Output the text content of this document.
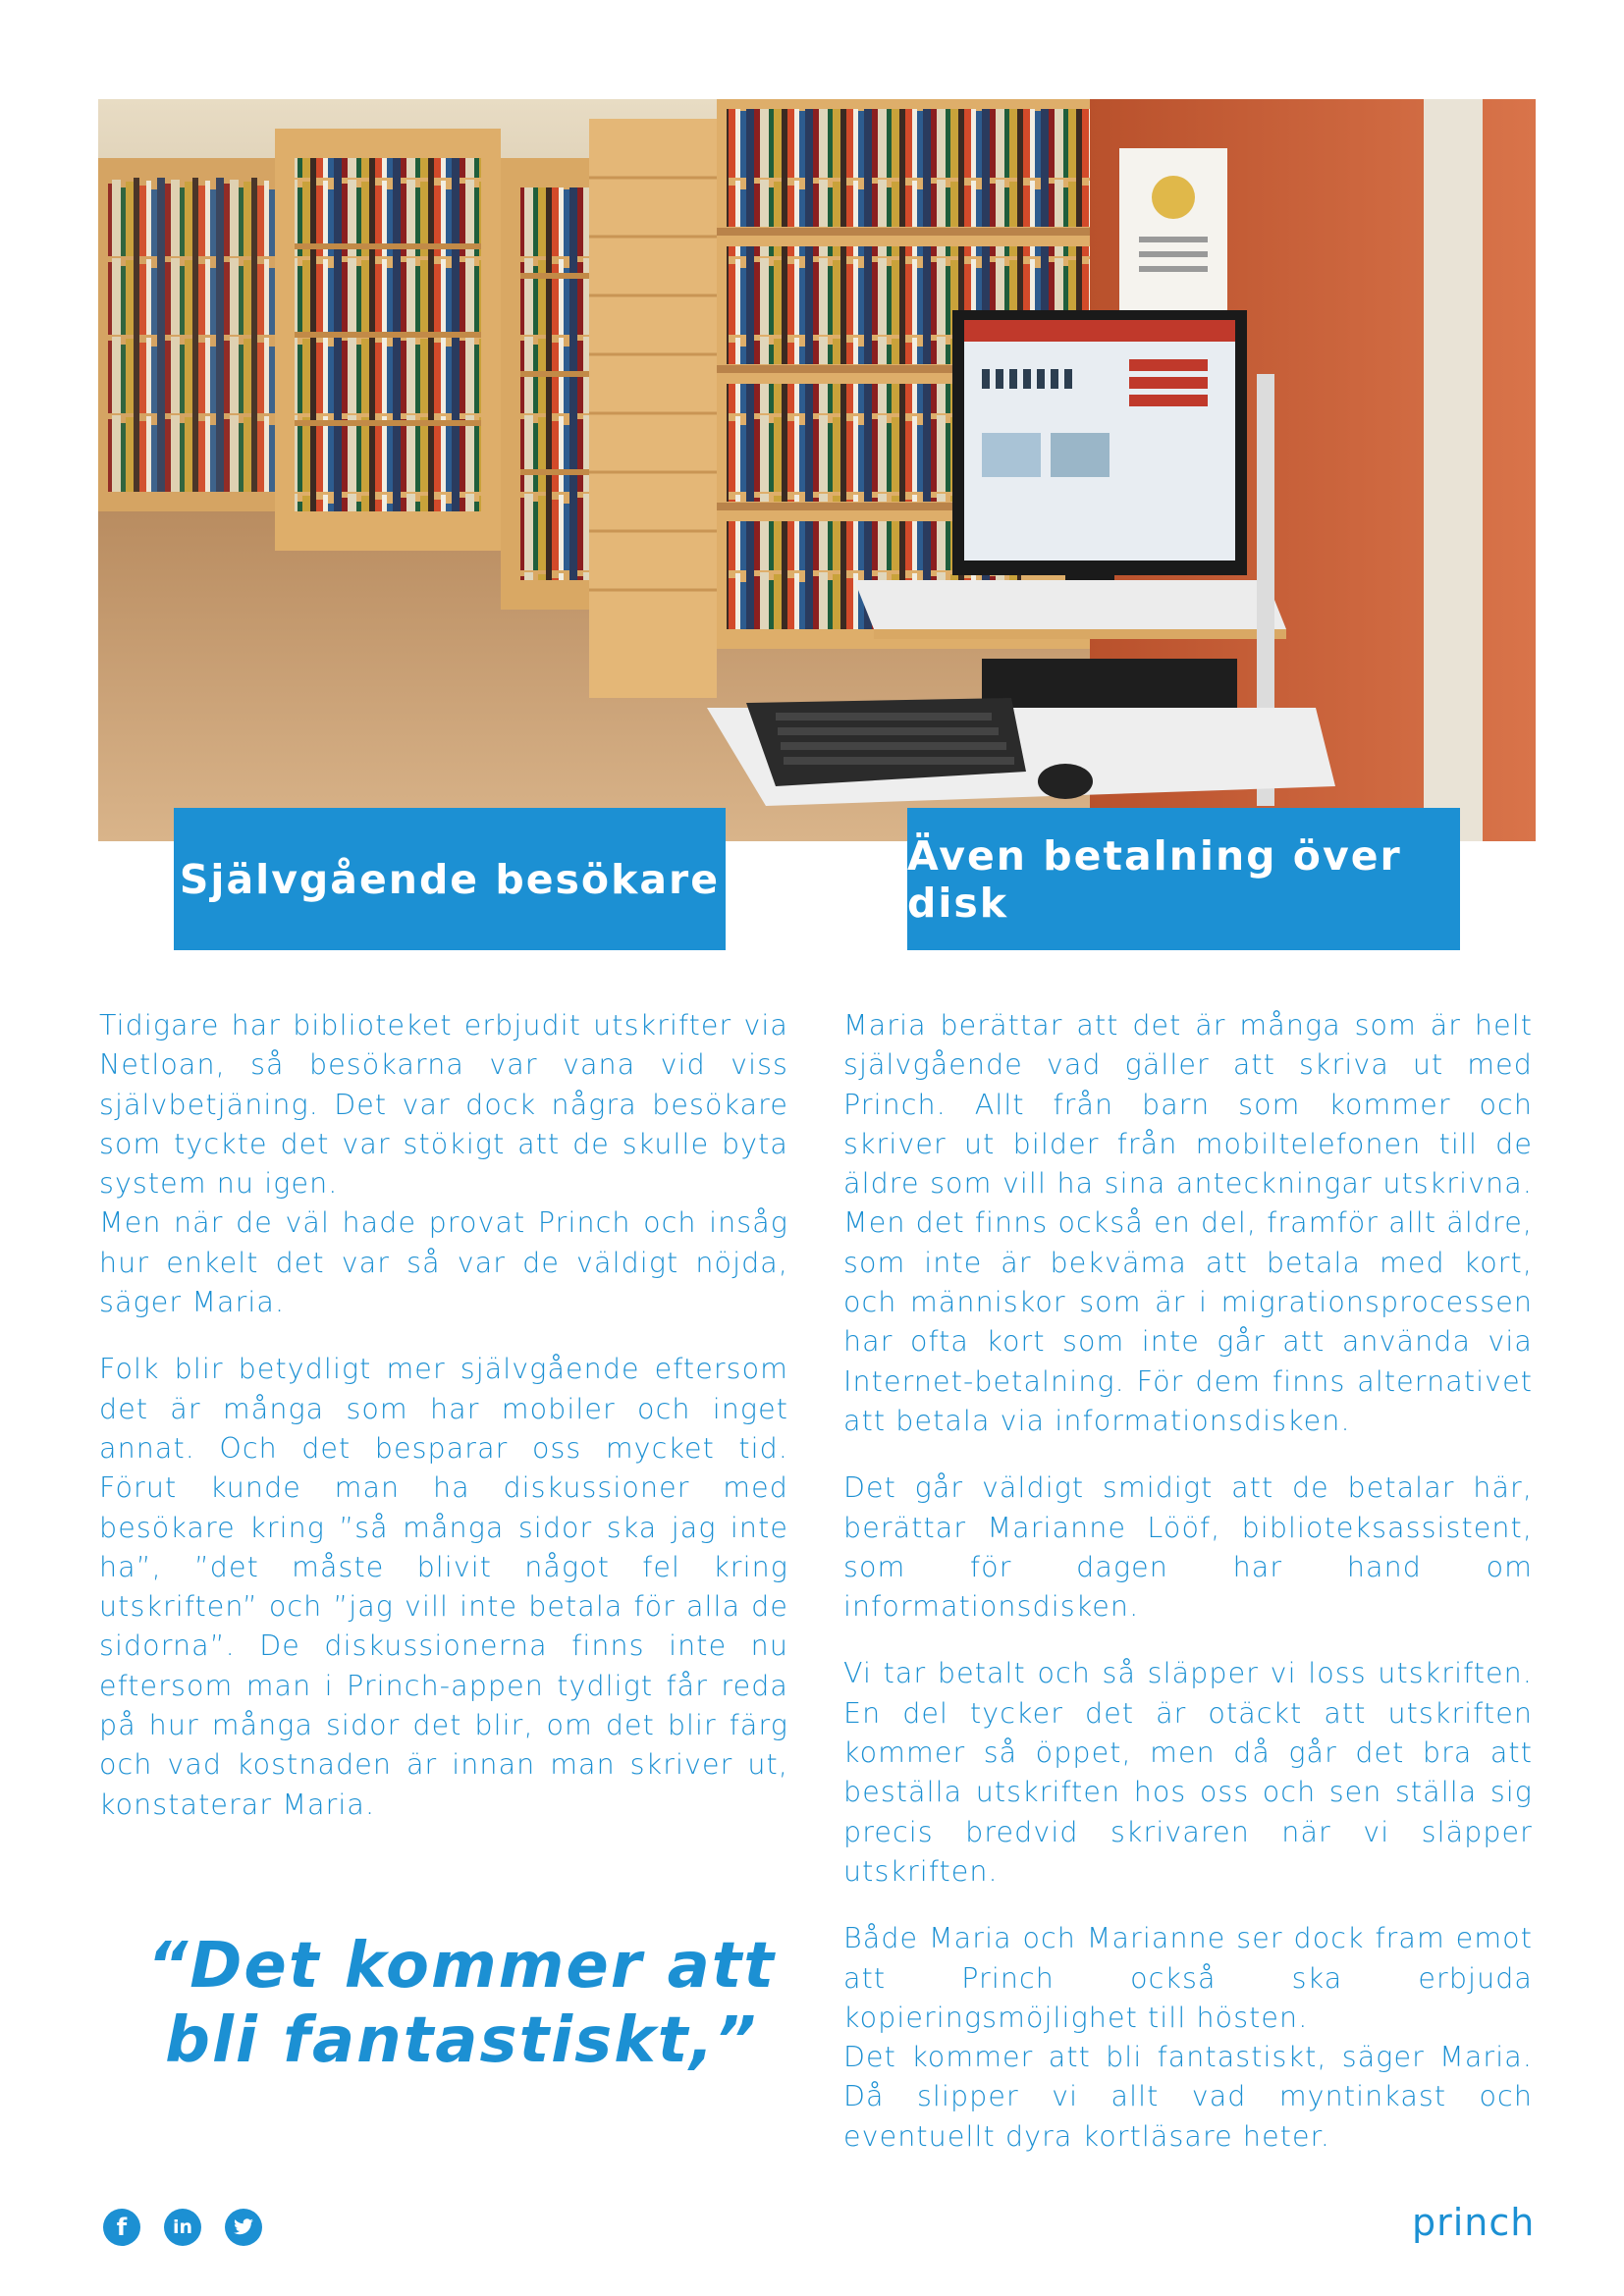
Självgående besökare	Även betalning över disk

Tidigare har biblioteket erbjudit utskrifter via Netloan, så besökarna var vana vid viss självbetjäning. Det var dock några besökare som tyckte det var stökigt att de skulle byta system nu igen.

Men när de väl hade provat Princh och insåg hur enkelt det var så var de väldigt nöjda, säger Maria.

Folk blir betydligt mer självgående eftersom det är många som har mobiler och inget annat. Och det besparar oss mycket tid. Förut kunde man ha diskussioner med besökare kring ”så många sidor ska jag inte ha”, ”det måste blivit något fel kring utskriften” och ”jag vill inte betala för alla de sidorna”. De diskussionerna finns inte nu eftersom man i Princh-appen tydligt får reda på hur många sidor det blir, om det blir färg och vad kostnaden är innan man skriver ut, konstaterar Maria.

“Det kommer att
bli fantastiskt,”

Maria berättar att det är många som är helt självgående vad gäller att skriva ut med Princh. Allt från barn som kommer och skriver ut bilder från mobiltelefonen till de äldre som vill ha sina anteckningar utskrivna. Men det finns också en del, framför allt äldre, som inte är bekväma att betala med kort, och människor som är i migrationsprocessen har ofta kort som inte går att använda via Internet-betalning. För dem finns alternativet att betala via informationsdisken.

Det går väldigt smidigt att de betalar här, berättar Marianne Lööf, biblioteksassistent, som för dagen har hand om informationsdisken.

Vi tar betalt och så släpper vi loss utskriften. En del tycker det är otäckt att utskriften kommer så öppet, men då går det bra att beställa utskriften hos oss och sen ställa sig precis bredvid skrivaren när vi släpper utskriften.

Både Maria och Marianne ser dock fram emot att Princh också ska erbjuda kopieringsmöjlighet till hösten.

Det kommer att bli fantastiskt, säger Maria. Då slipper vi allt vad myntinkast och eventuellt dyra kortläsare heter.

f in	princh
